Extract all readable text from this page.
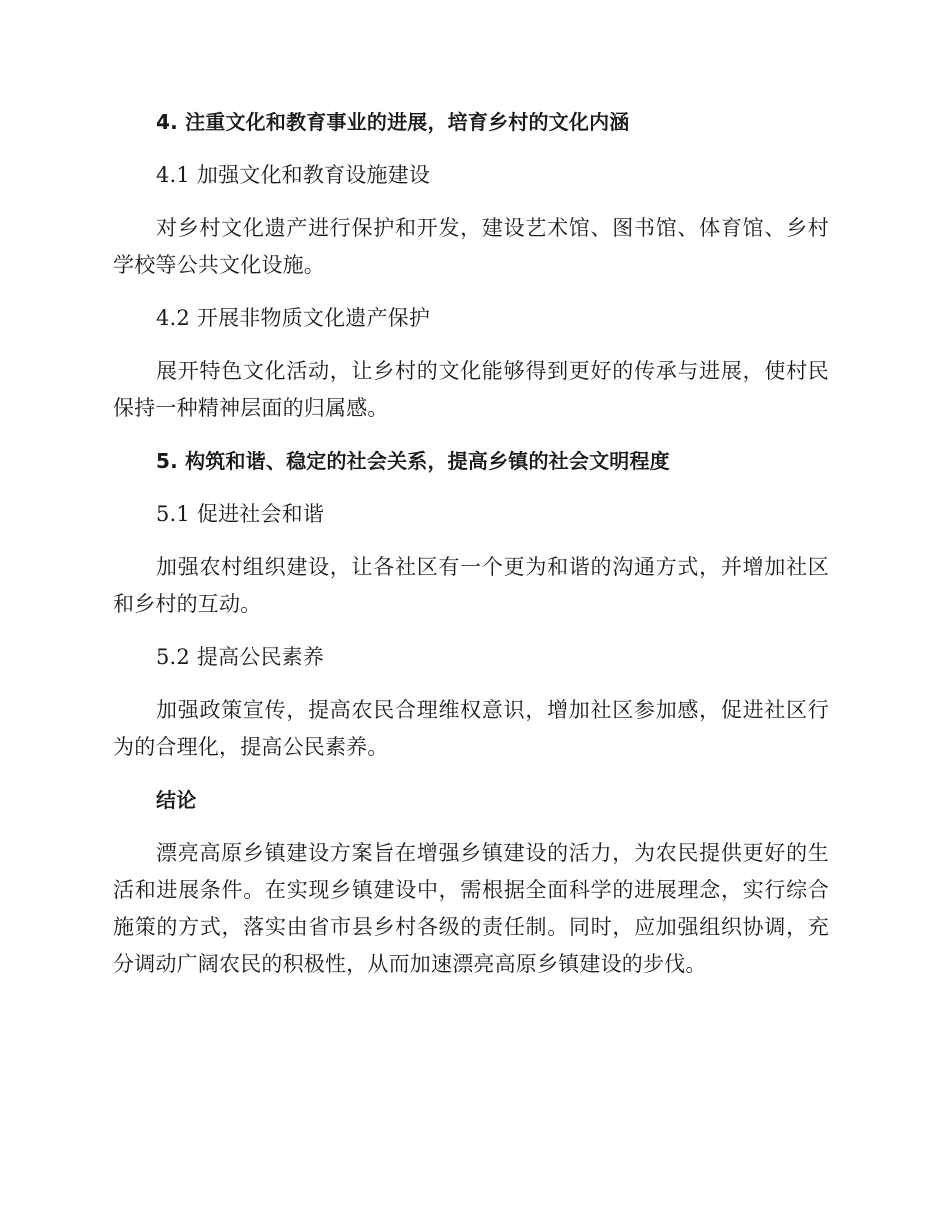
4. 注重文化和教育事业的进展，培育乡村的文化内涵

4.1 加强文化和教育设施建设

对乡村文化遗产进行保护和开发，建设艺术馆、图书馆、体育馆、乡村学校等公共文化设施。

4.2 开展非物质文化遗产保护

展开特色文化活动，让乡村的文化能够得到更好的传承与进展，使村民保持一种精神层面的归属感。

5. 构筑和谐、稳定的社会关系，提高乡镇的社会文明程度

5.1 促进社会和谐

加强农村组织建设，让各社区有一个更为和谐的沟通方式，并增加社区和乡村的互动。

5.2 提高公民素养

加强政策宣传，提高农民合理维权意识，增加社区参加感，促进社区行为的合理化，提高公民素养。

结论

漂亮高原乡镇建设方案旨在增强乡镇建设的活力，为农民提供更好的生活和进展条件。在实现乡镇建设中，需根据全面科学的进展理念，实行综合施策的方式，落实由省市县乡村各级的责任制。同时，应加强组织协调，充分调动广阔农民的积极性，从而加速漂亮高原乡镇建设的步伐。
